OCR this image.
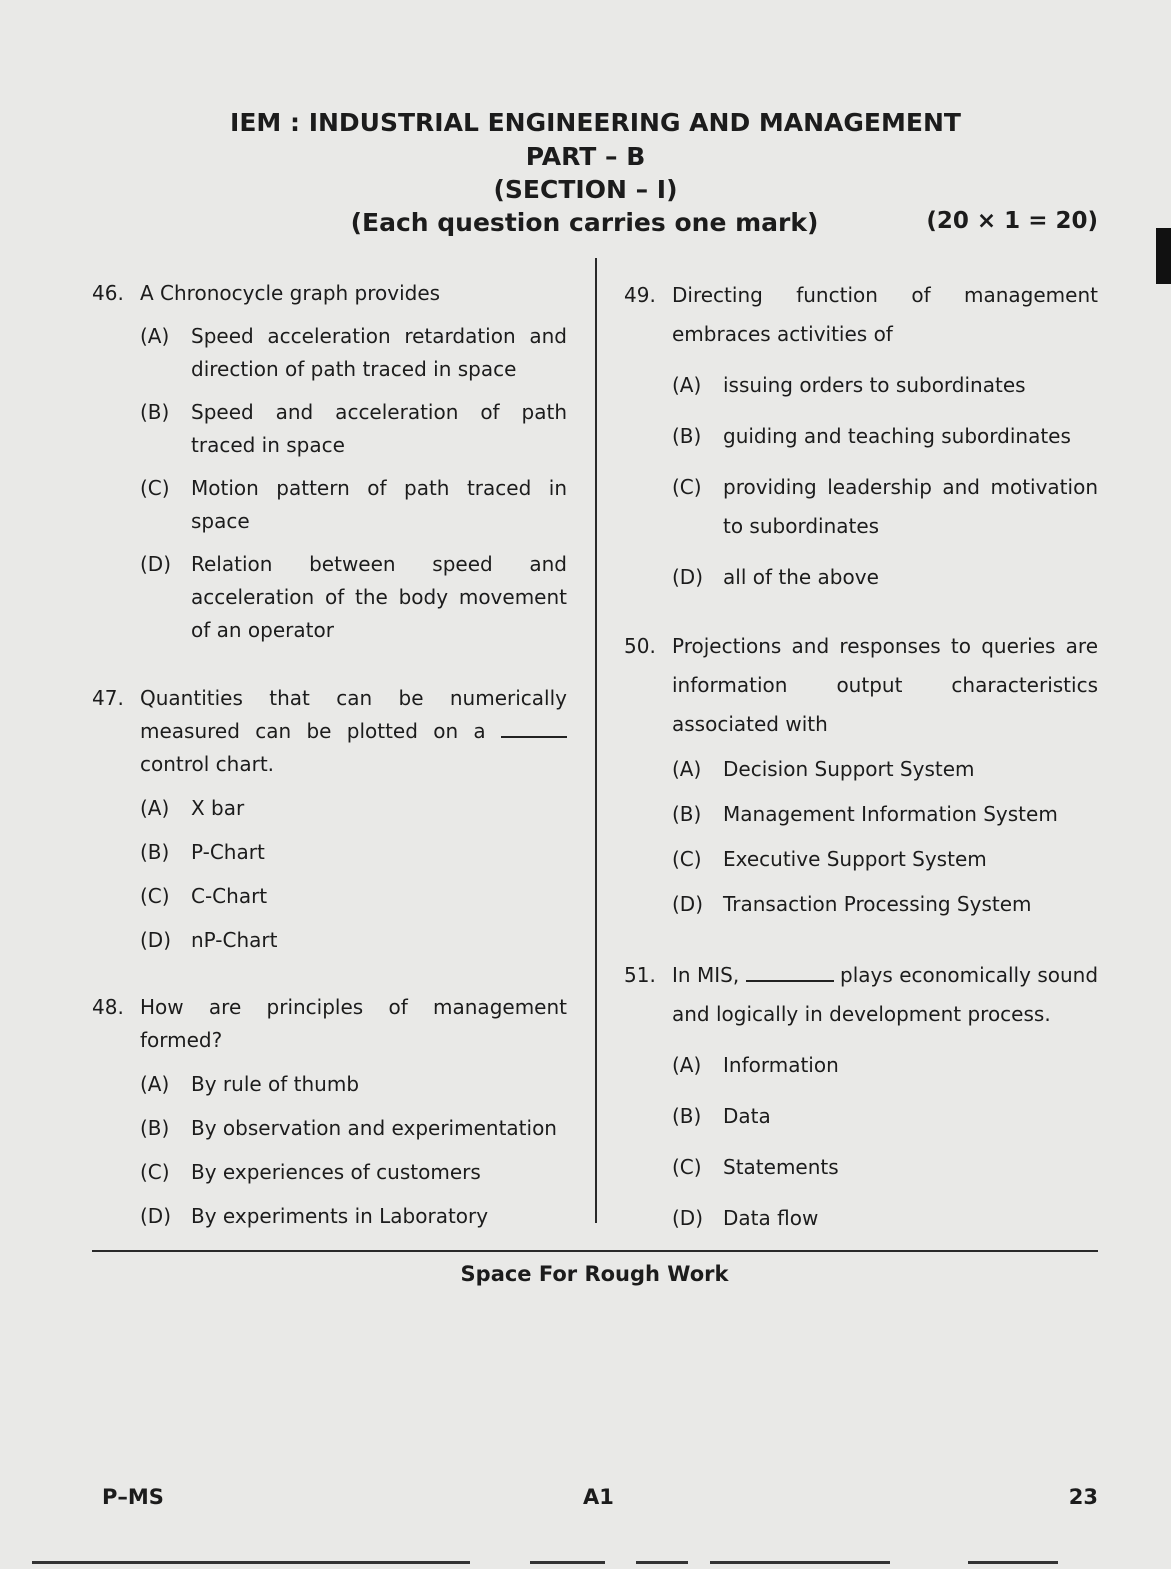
IEM : INDUSTRIAL ENGINEERING AND MANAGEMENT
PART – B
(SECTION – I)
(Each question carries one mark)	(20 × 1 = 20)
46. A Chronocycle graph provides
(A)	Speed acceleration retardation and direction of path traced in space
(B)	Speed and acceleration of path traced in space
(C)	Motion pattern of path traced in space
(D) Relation between speed and acceleration of the body movement of an operator
47. Quantities that can be numerically measured can be plotted on a  control chart.
(A)	X bar
(B)	P-Chart
(C)	C-Chart
(D) nP-Chart
48. How are principles of management formed?
(A)	By rule of thumb
(B)	By observation and experimentation
(C)	By experiences of customers
(D) By experiments in Laboratory
49. Directing function of management embraces activities of
(A)	issuing orders to subordinates
(B)	guiding and teaching subordinates
(C)	providing leadership and motivation to subordinates
(D) all of the above
50. Projections and responses to queries are information output characteristics associated with
(A)	Decision Support System
(B)	Management Information System
(C)	Executive Support System
(D) Transaction Processing System
51. In MIS,	plays economically sound and logically in development process.
(A)	Information
(B)	Data
(C)	Statements
(D) Data flow
Space For Rough Work
P–MS	A1	23
